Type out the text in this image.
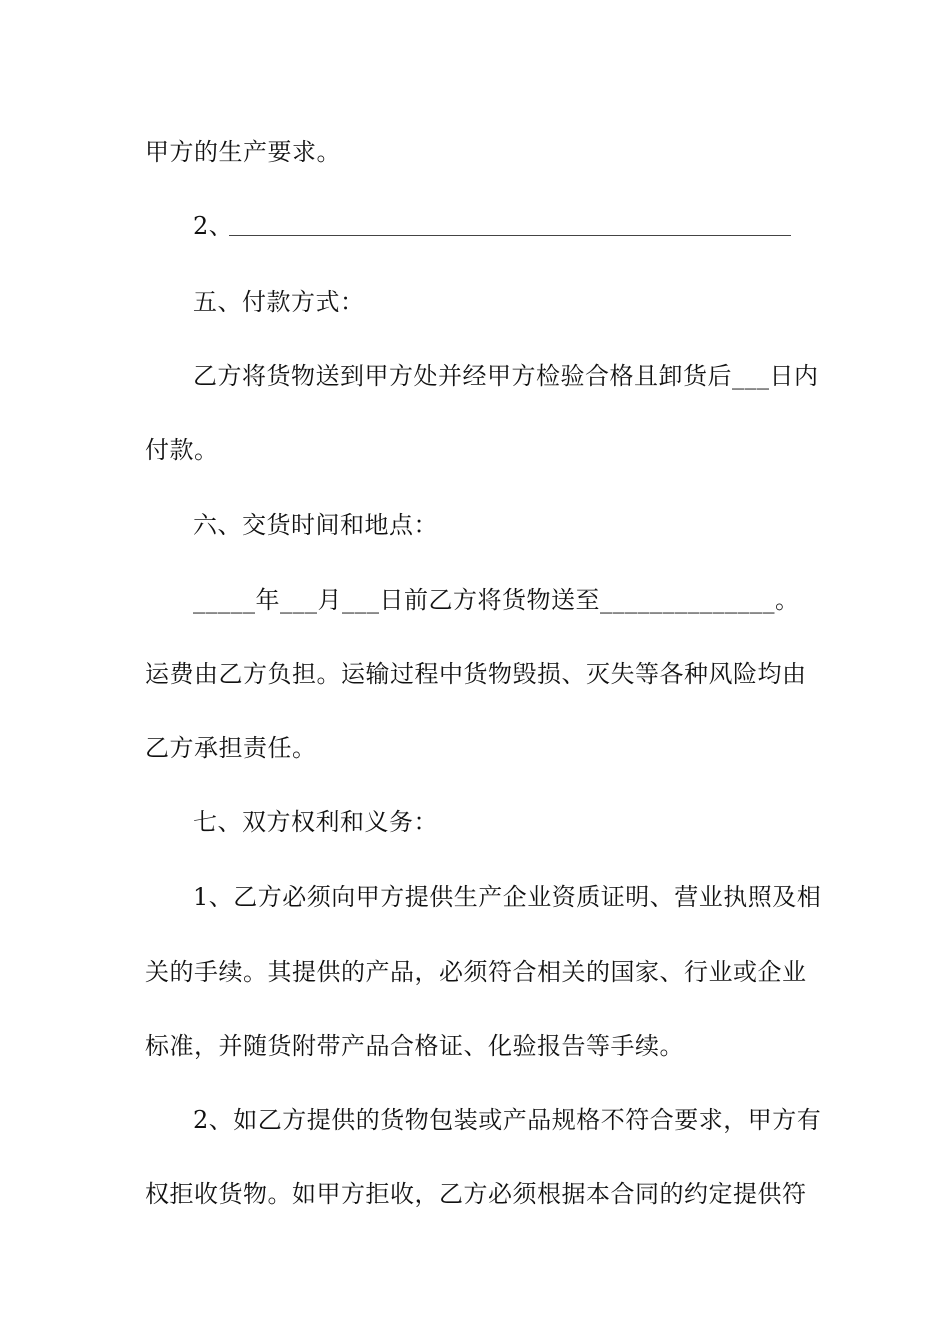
甲方的生产要求。
2、
五、付款方式：
乙方将货物送到甲方处并经甲方检验合格且卸货后___日内
付款。
六、交货时间和地点：
_____年___月___日前乙方将货物送至______________。
运费由乙方负担。运输过程中货物毁损、灭失等各种风险均由
乙方承担责任。
七、双方权利和义务：
1、乙方必须向甲方提供生产企业资质证明、营业执照及相
关的手续。其提供的产品，必须符合相关的国家、行业或企业
标准，并随货附带产品合格证、化验报告等手续。
2、如乙方提供的货物包装或产品规格不符合要求，甲方有
权拒收货物。如甲方拒收，乙方必须根据本合同的约定提供符
